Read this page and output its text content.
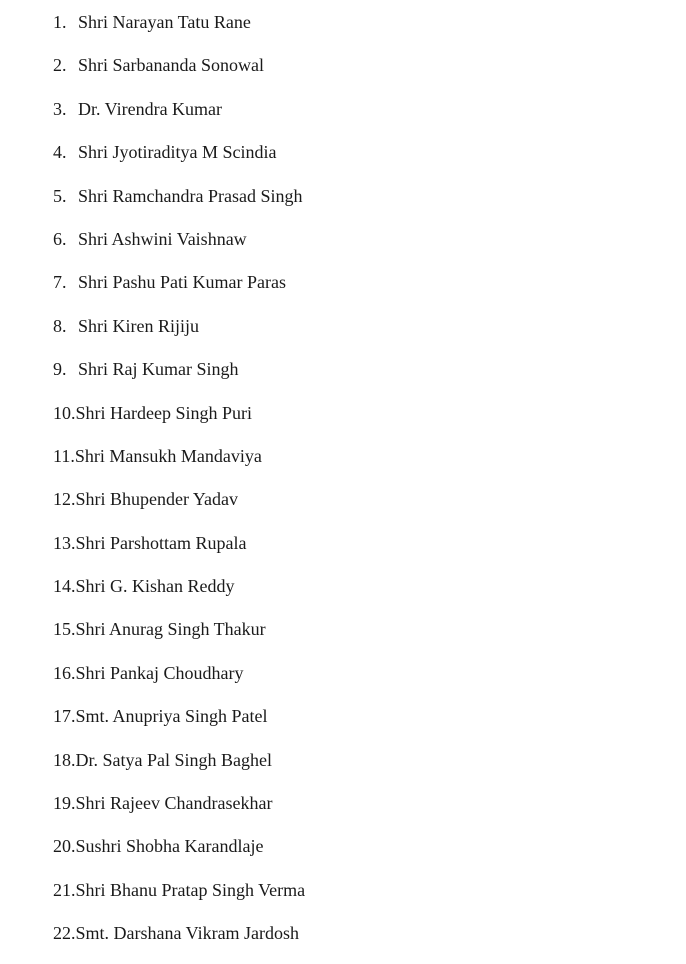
1. Shri Narayan Tatu Rane
2. Shri Sarbananda Sonowal
3. Dr. Virendra Kumar
4. Shri Jyotiraditya M Scindia
5. Shri Ramchandra Prasad Singh
6. Shri Ashwini Vaishnaw
7. Shri Pashu Pati Kumar Paras
8. Shri Kiren Rijiju
9. Shri Raj Kumar Singh
10. Shri Hardeep Singh Puri
11. Shri Mansukh Mandaviya
12. Shri Bhupender Yadav
13. Shri Parshottam Rupala
14. Shri G. Kishan Reddy
15. Shri Anurag Singh Thakur
16. Shri Pankaj Choudhary
17. Smt. Anupriya Singh Patel
18. Dr. Satya Pal Singh Baghel
19. Shri Rajeev Chandrasekhar
20. Sushri Shobha Karandlaje
21. Shri Bhanu Pratap Singh Verma
22. Smt. Darshana Vikram Jardosh
